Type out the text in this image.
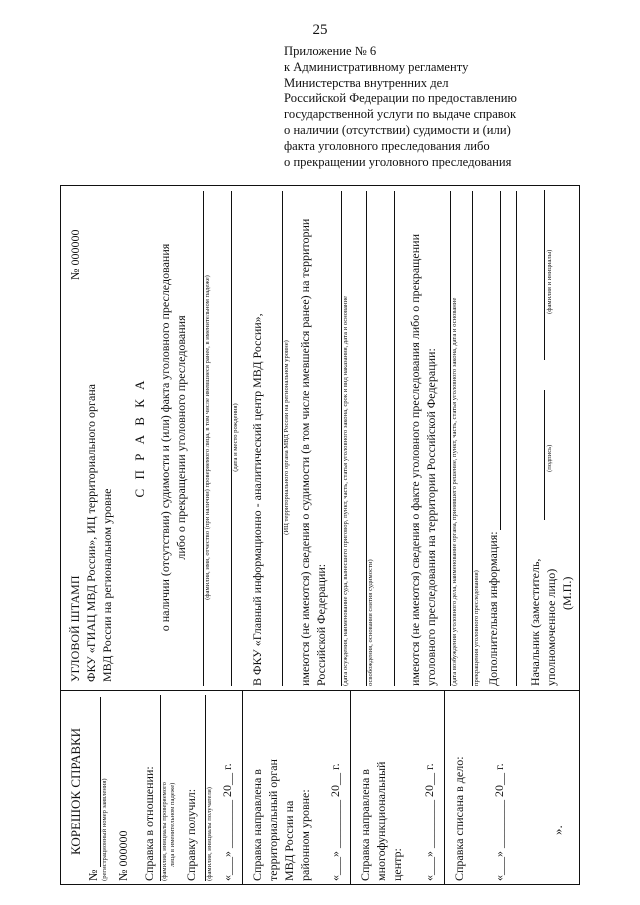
25
Приложение № 6
к Административному регламенту
Министерства внутренних дел
Российской Федерации по предоставлению
государственной услуги по выдаче справок
о наличии (отсутствии) судимости и (или)
факта уголовного преследования либо
о прекращении уголовного преследования
КОРЕШОК СПРАВКИ
№ (регистрационный номер заявления) № 000000 Справка в отношении: (фамилия, инициалы проверяемого лица в именительном падеже) Справку получил: (фамилия, инициалы получателя) «___» ________ 20__ г. Справка направлена в территориальный орган МВД России на районном уровне: «___» ________ 20__ г. Справка направлена в многофункциональный центр: «___» ________ 20__ г. Справка списана в дело: «___» ________ 20__ г.	».
УГЛОВОЙ ШТАМП
№ 000000
ФКУ «ГИАЦ МВД России», ИЦ территориального органа МВД России на региональном уровне
С П Р А В К А о наличии (отсутствии) судимости и (или) факта уголовного преследования либо о прекращении уголовного преследования (фамилия, имя, отчество (при наличии) проверяемого лица, в том числе имевшиеся ранее, в именительном падеже)	(дата и место рождения) В ФКУ «Главный информационно - аналитический центр МВД России»,	(ИЦ территориального органа МВД России на региональном уровне) имеются (не имеются) сведения о судимости (в том числе имевшейся ранее) на территории Российской Федерации: (дата осуждения, наименование суда, вынесшего приговор, пункт, часть, статья уголовного закона, срок и вид наказания, дата и основание	освобождения, основания снятия судимости)	имеются (не имеются) сведения о факте уголовного преследования либо о прекращении уголовного преследования на территории Российской Федерации: (дата возбуждения уголовного дела, наименование органа, принявшего решение, пункт, часть, статья уголовного закона, дата и основание прекращения уголовного преследования) Дополнительная информация: Начальник (заместитель, уполномоченное лицо)
(подпись)
(фамилия и инициалы)
(М.П.)
